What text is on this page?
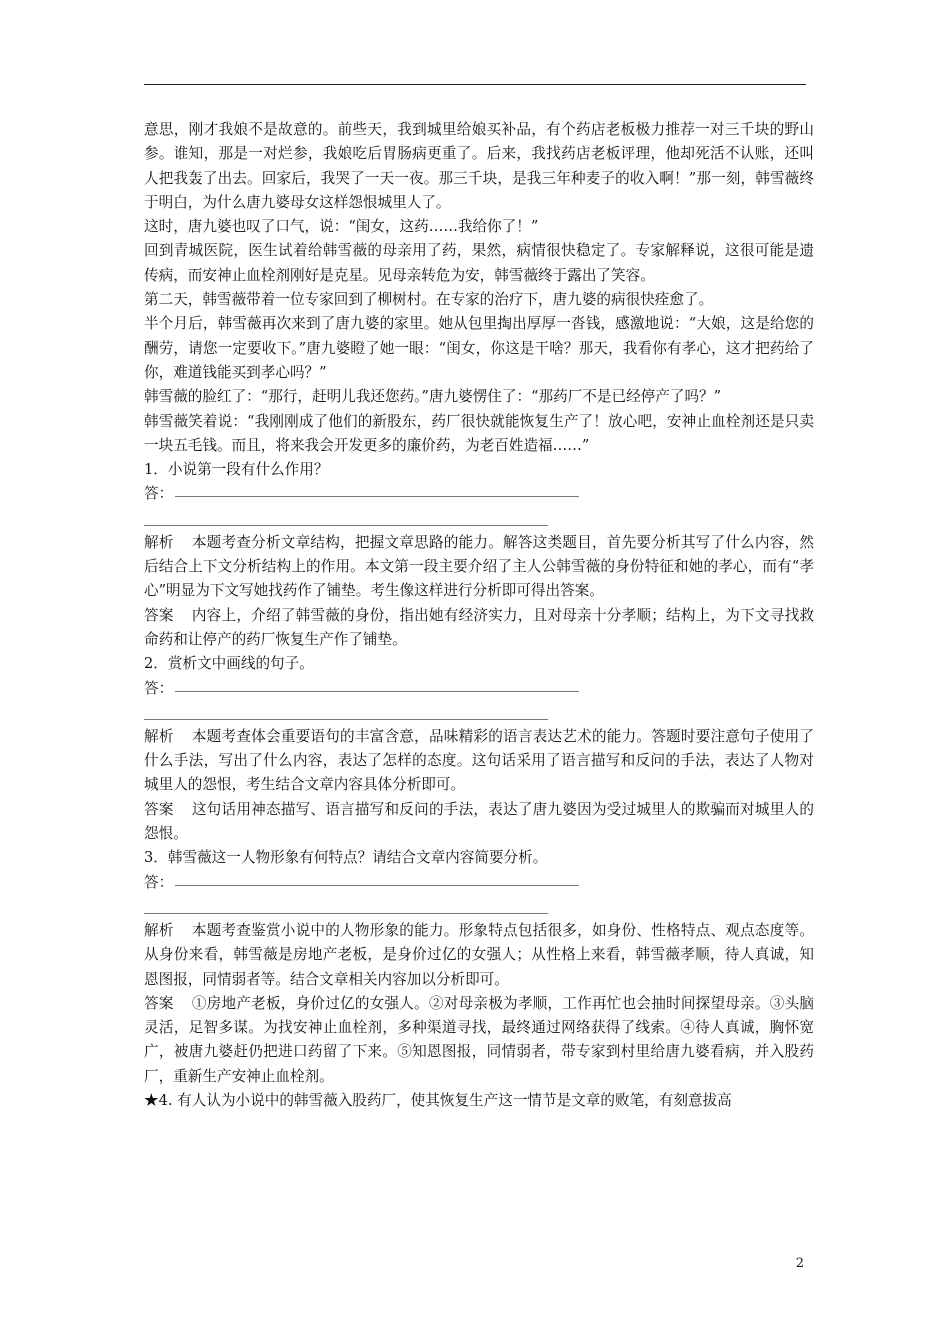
意思，刚才我娘不是故意的。前些天，我到城里给娘买补品，有个药店老板极力推荐一对三千块的野山参。谁知，那是一对烂参，我娘吃后胃肠病更重了。后来，我找药店老板评理，他却死活不认账，还叫人把我轰了出去。回家后，我哭了一天一夜。那三千块，是我三年种麦子的收入啊！”那一刻，韩雪薇终于明白，为什么唐九婆母女这样怨恨城里人了。

这时，唐九婆也叹了口气，说：“闺女，这药……我给你了！”

回到青城医院，医生试着给韩雪薇的母亲用了药，果然，病情很快稳定了。专家解释说，这很可能是遗传病，而安神止血栓剂刚好是克星。见母亲转危为安，韩雪薇终于露出了笑容。

第二天，韩雪薇带着一位专家回到了柳树村。在专家的治疗下，唐九婆的病很快痊愈了。

半个月后，韩雪薇再次来到了唐九婆的家里。她从包里掏出厚厚一沓钱，感激地说：“大娘，这是给您的酬劳，请您一定要收下。”唐九婆瞪了她一眼：“闺女，你这是干啥？那天，我看你有孝心，这才把药给了你，难道钱能买到孝心吗？”

韩雪薇的脸红了：“那行，赶明儿我还您药。”唐九婆愣住了：“那药厂不是已经停产了吗？”

韩雪薇笑着说：“我刚刚成了他们的新股东，药厂很快就能恢复生产了！放心吧，安神止血栓剂还是只卖一块五毛钱。而且，将来我会开发更多的廉价药，为老百姓造福……”

1．小说第一段有什么作用？

答：

解析 本题考查分析文章结构，把握文章思路的能力。解答这类题目，首先要分析其写了什么内容，然后结合上下文分析结构上的作用。本文第一段主要介绍了主人公韩雪薇的身份特征和她的孝心，而有“孝心”明显为下文写她找药作了铺垫。考生像这样进行分析即可得出答案。

答案 内容上，介绍了韩雪薇的身份，指出她有经济实力，且对母亲十分孝顺；结构上，为下文寻找救命药和让停产的药厂恢复生产作了铺垫。

2．赏析文中画线的句子。

答：

解析 本题考查体会重要语句的丰富含意，品味精彩的语言表达艺术的能力。答题时要注意句子使用了什么手法，写出了什么内容，表达了怎样的态度。这句话采用了语言描写和反问的手法，表达了人物对城里人的怨恨，考生结合文章内容具体分析即可。

答案 这句话用神态描写、语言描写和反问的手法，表达了唐九婆因为受过城里人的欺骗而对城里人的怨恨。

3．韩雪薇这一人物形象有何特点？请结合文章内容简要分析。

答：

解析 本题考查鉴赏小说中的人物形象的能力。形象特点包括很多，如身份、性格特点、观点态度等。从身份来看，韩雪薇是房地产老板，是身价过亿的女强人；从性格上来看，韩雪薇孝顺，待人真诚，知恩图报，同情弱者等。结合文章相关内容加以分析即可。

答案 ①房地产老板，身价过亿的女强人。②对母亲极为孝顺，工作再忙也会抽时间探望母亲。③头脑灵活，足智多谋。为找安神止血栓剂，多种渠道寻找，最终通过网络获得了线索。④待人真诚，胸怀宽广，被唐九婆赶仍把进口药留了下来。⑤知恩图报，同情弱者，带专家到村里给唐九婆看病，并入股药厂，重新生产安神止血栓剂。

★4. 有人认为小说中的韩雪薇入股药厂，使其恢复生产这一情节是文章的败笔，有刻意拔高

2
